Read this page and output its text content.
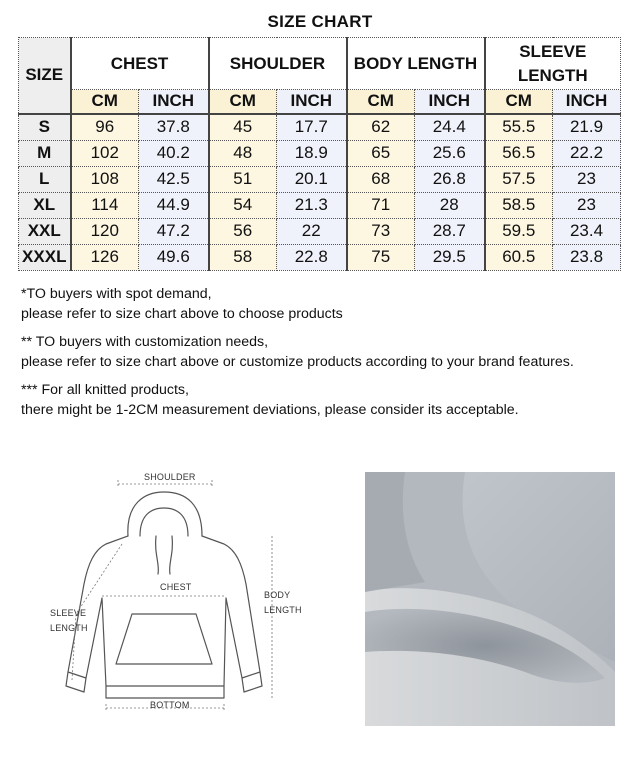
SIZE CHART
SIZE	CHEST		SHOULDER		BODY LENGTH		SLEEVE LENGTH	
	CM	INCH	CM	INCH	CM	INCH	CM	INCH
S	96	37.8	45	17.7	62	24.4	55.5	21.9
M	102	40.2	48	18.9	65	25.6	56.5	22.2
L	108	42.5	51	20.1	68	26.8	57.5	23
XL	114	44.9	54	21.3	71	28	58.5	23
XXL	120	47.2	56	22	73	28.7	59.5	23.4
XXXL	126	49.6	58	22.8	75	29.5	60.5	23.8

*TO buyers with spot demand,

please refer to size chart above to choose products

** TO buyers with customization needs,

please refer to size chart above or customize products according to your brand features.

*** For all knitted products,

there might be 1-2CM measurement deviations, please consider its acceptable.

SHOULDER
CHEST
BODY
LENGTH
SLEEVE
LENGTH
BOTTOM
